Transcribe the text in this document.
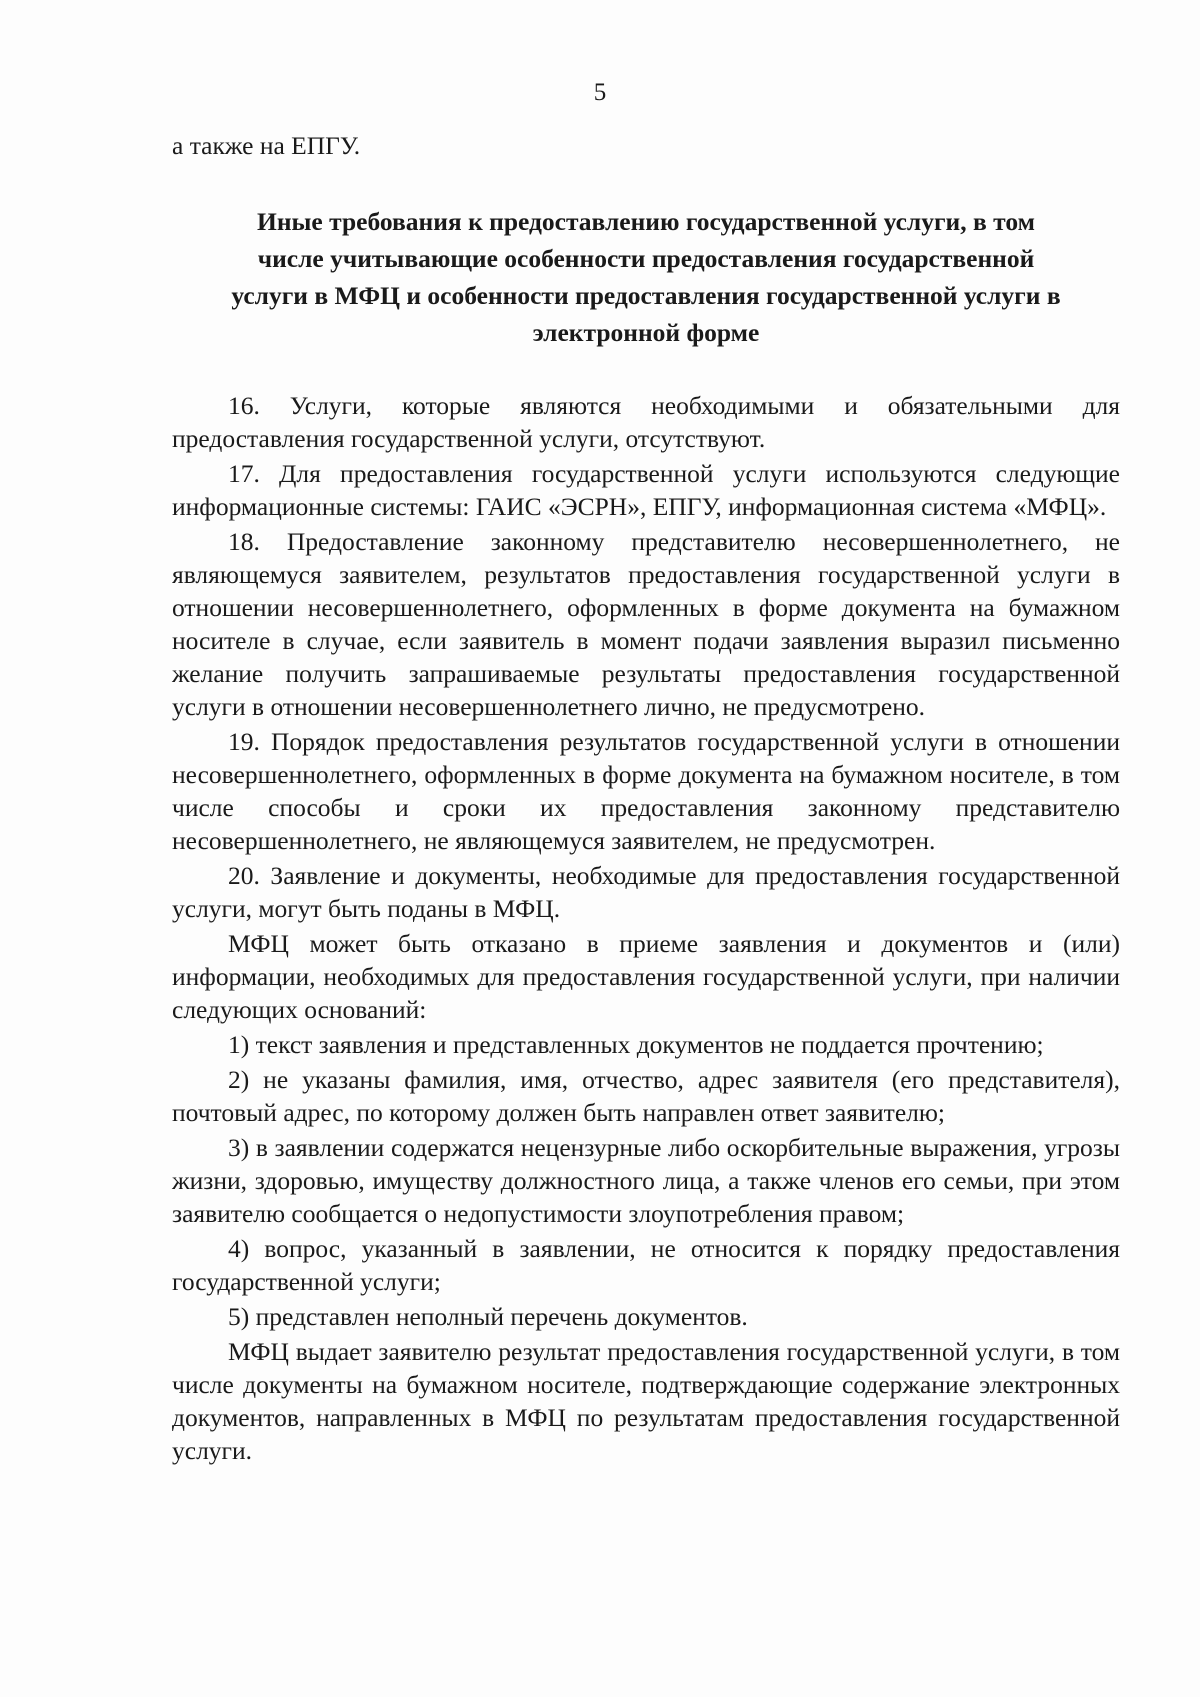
5

а также на ЕПГУ.

Иные требования к предоставлению государственной услуги, в том
числе учитывающие особенности предоставления государственной
услуги в МФЦ и особенности предоставления государственной услуги в
электронной форме

16. Услуги, которые являются необходимыми и обязательными для предоставления государственной услуги, отсутствуют.

17. Для предоставления государственной услуги используются следующие информационные системы: ГАИС «ЭСРН», ЕПГУ, информационная система «МФЦ».

18. Предоставление законному представителю несовершеннолетнего, не являющемуся заявителем, результатов предоставления государственной услуги в отношении несовершеннолетнего, оформленных в форме документа на бумажном носителе в случае, если заявитель в момент подачи заявления выразил письменно желание получить запрашиваемые результаты предоставления государственной услуги в отношении несовершеннолетнего лично, не предусмотрено.

19. Порядок предоставления результатов государственной услуги в отношении несовершеннолетнего, оформленных в форме документа на бумажном носителе, в том числе способы и сроки их предоставления законному представителю несовершеннолетнего, не являющемуся заявителем, не предусмотрен.

20. Заявление и документы, необходимые для предоставления государственной услуги, могут быть поданы в МФЦ.

МФЦ может быть отказано в приеме заявления и документов и (или) информации, необходимых для предоставления государственной услуги, при наличии следующих оснований:

1) текст заявления и представленных документов не поддается прочтению;

2) не указаны фамилия, имя, отчество, адрес заявителя (его представителя), почтовый адрес, по которому должен быть направлен ответ заявителю;

3) в заявлении содержатся нецензурные либо оскорбительные выражения, угрозы жизни, здоровью, имуществу должностного лица, а также членов его семьи, при этом заявителю сообщается о недопустимости злоупотребления правом;

4) вопрос, указанный в заявлении, не относится к порядку предоставления государственной услуги;

5) представлен неполный перечень документов.

МФЦ выдает заявителю результат предоставления государственной услуги, в том числе документы на бумажном носителе, подтверждающие содержание электронных документов, направленных в МФЦ по результатам предоставления государственной услуги.
